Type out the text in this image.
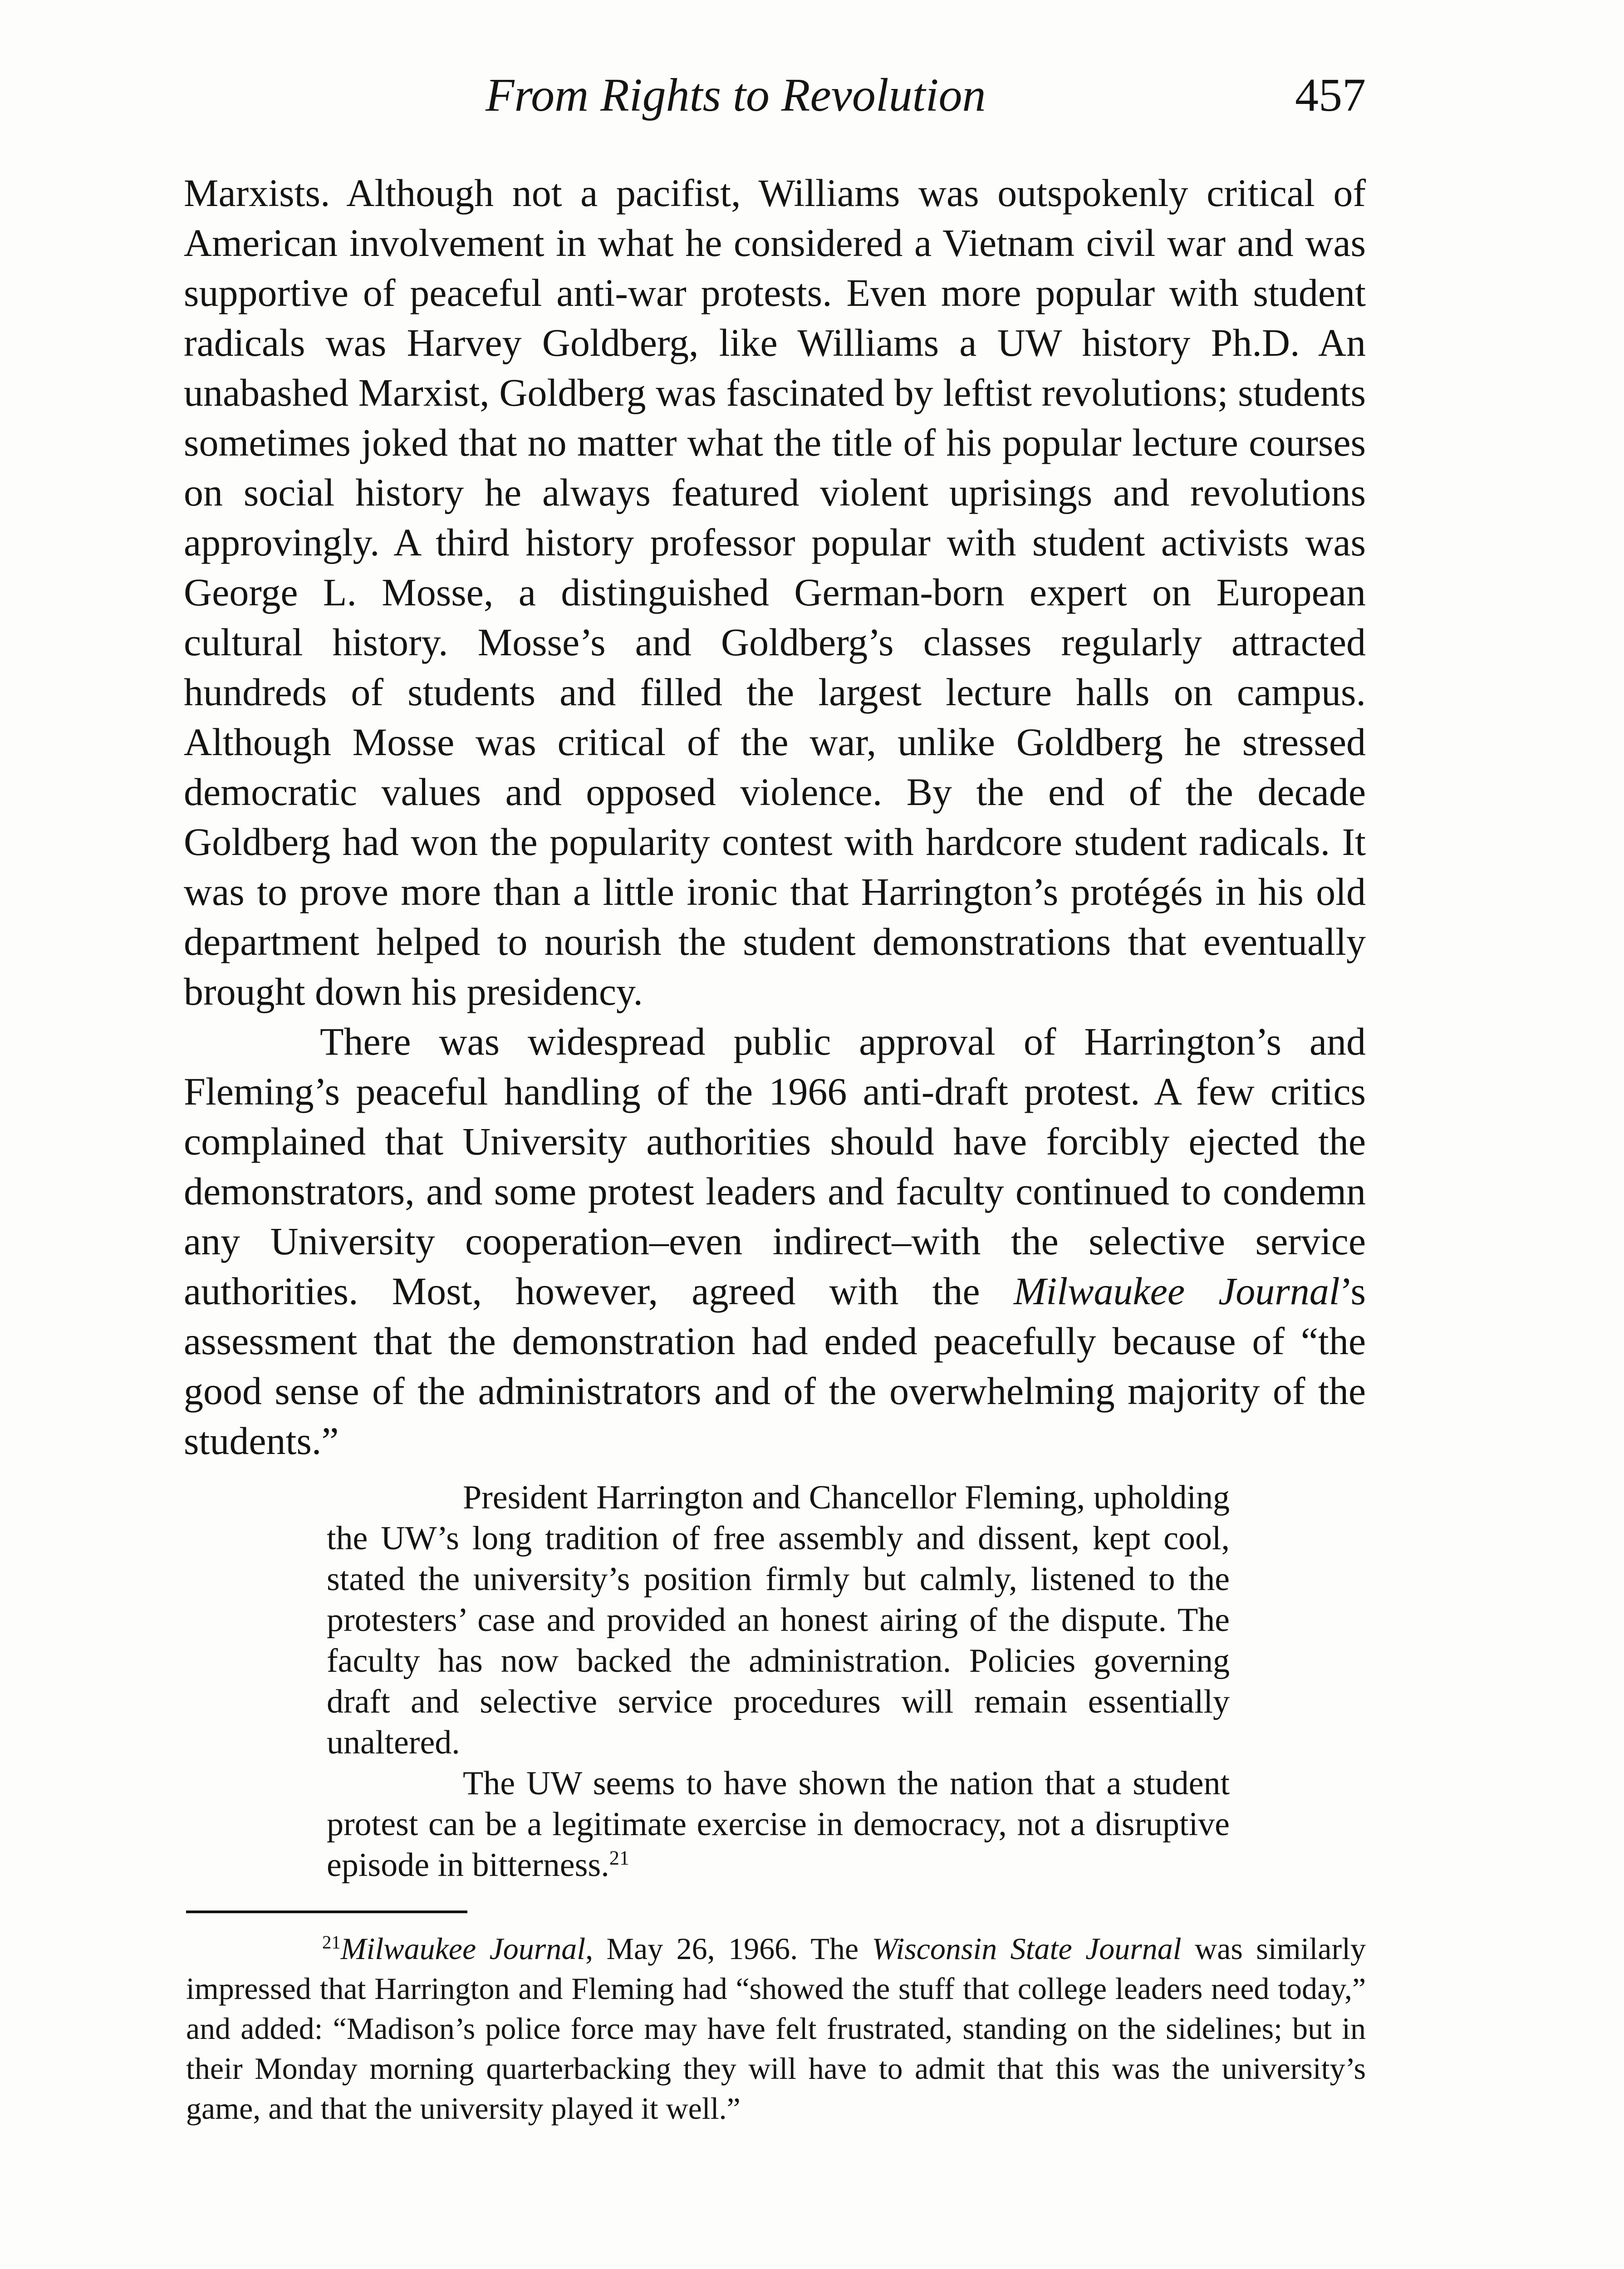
From Rights to Revolution	457

Marxists. Although not a pacifist, Williams was outspokenly critical of American involvement in what he considered a Vietnam civil war and was supportive of peaceful anti-war protests. Even more popular with student radicals was Harvey Goldberg, like Williams a UW history Ph.D. An unabashed Marxist, Goldberg was fascinated by leftist revolutions; students sometimes joked that no matter what the title of his popular lecture courses on social history he always featured violent uprisings and revolutions approvingly. A third history professor popular with student activists was George L. Mosse, a distinguished German-born expert on European cultural history. Mosse’s and Goldberg’s classes regularly attracted hundreds of students and filled the largest lecture halls on campus. Although Mosse was critical of the war, unlike Goldberg he stressed democratic values and opposed violence. By the end of the decade Goldberg had won the popularity contest with hardcore student radicals. It was to prove more than a little ironic that Harrington’s protégés in his old department helped to nourish the student demonstrations that eventually brought down his presidency.

There was widespread public approval of Harrington’s and Fleming’s peaceful handling of the 1966 anti-draft protest. A few critics complained that University authorities should have forcibly ejected the demonstrators, and some protest leaders and faculty continued to condemn any University cooperation–even indirect–with the selective service authorities. Most, however, agreed with the Milwaukee Journal’s assessment that the demonstration had ended peacefully because of “the good sense of the administrators and of the overwhelming majority of the students.”

President Harrington and Chancellor Fleming, upholding the UW’s long tradition of free assembly and dissent, kept cool, stated the university’s position firmly but calmly, listened to the protesters’ case and provided an honest airing of the dispute. The faculty has now backed the administration. Policies governing draft and selective service procedures will remain essentially unaltered.

The UW seems to have shown the nation that a student protest can be a legitimate exercise in democracy, not a disruptive episode in bitterness.$^{21}$

$^{21}$Milwaukee Journal, May 26, 1966. The Wisconsin State Journal was similarly impressed that Harrington and Fleming had “showed the stuff that college leaders need today,” and added: “Madison’s police force may have felt frustrated, standing on the sidelines; but in their Monday morning quarterbacking they will have to admit that this was the university’s game, and that the university played it well.”
